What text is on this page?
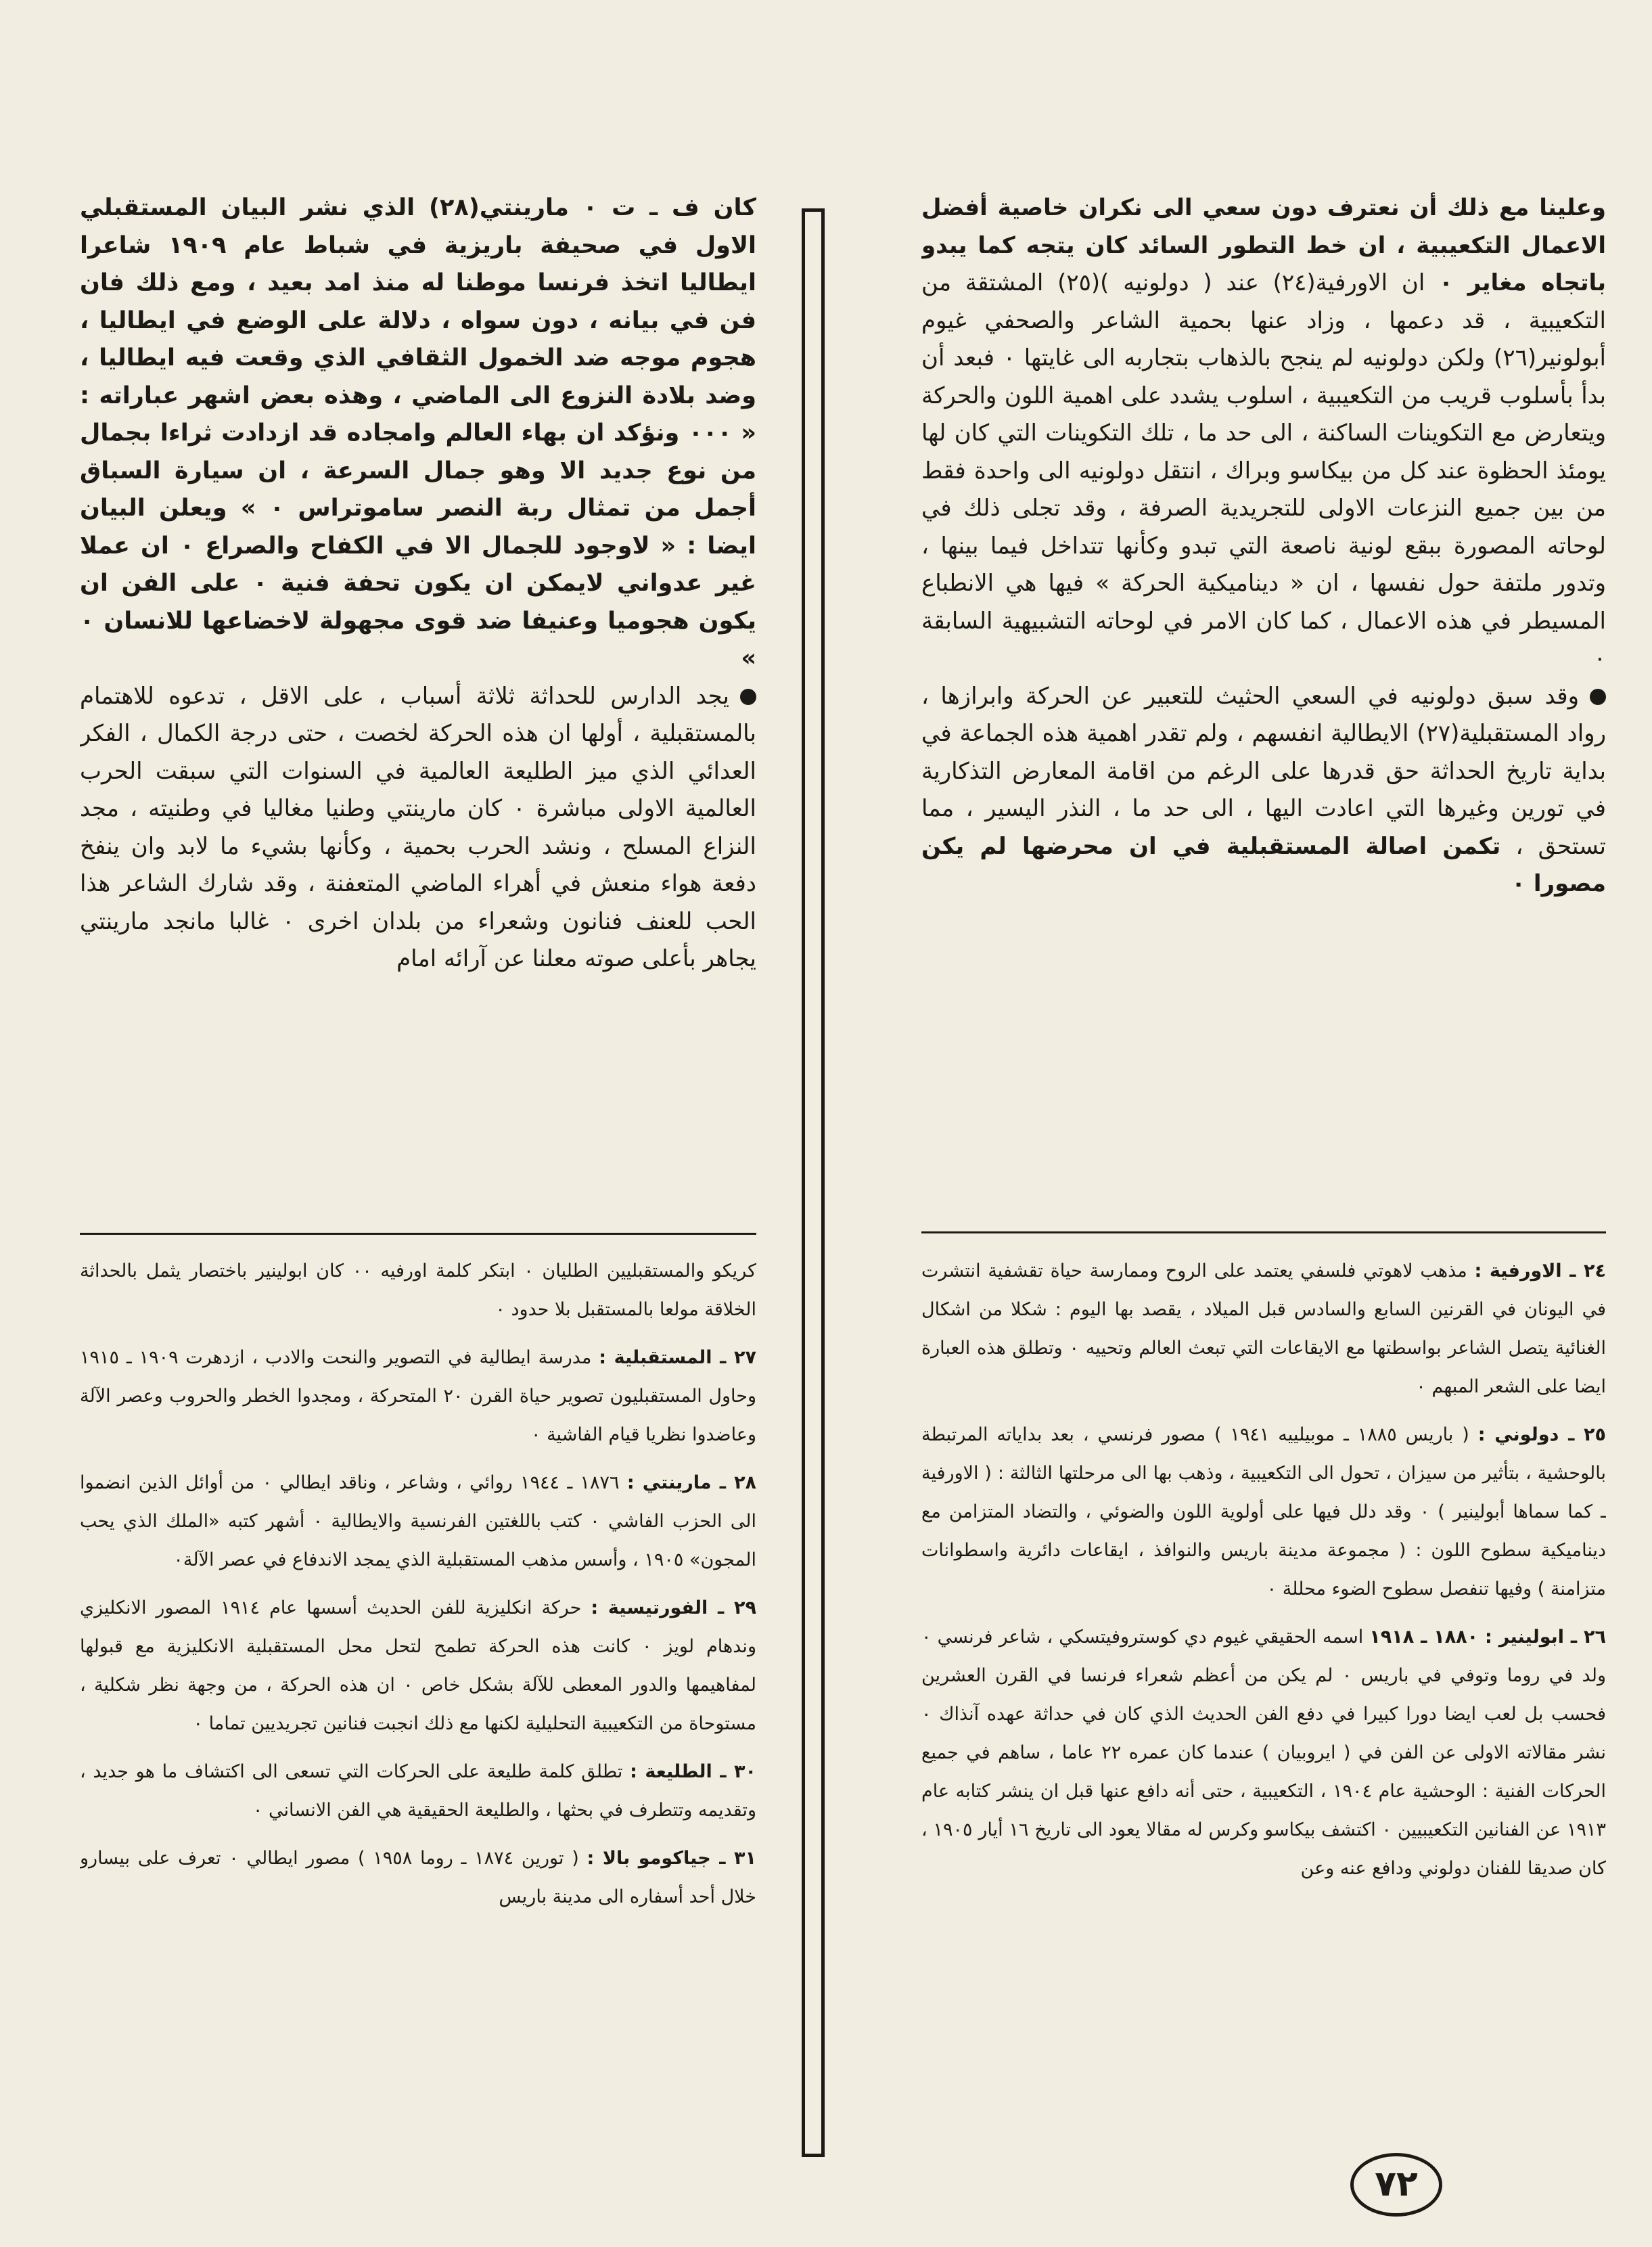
وعلينا مع ذلك أن نعترف دون سعي الى نكران خاصية أفضل الاعمال التكعيبية ، ان خط التطور السائد كان يتجه كما يبدو باتجاه مغاير ٠ ان الاورفية(٢٤) عند ( دولونيه )(٢٥) المشتقة من التكعيبية ، قد دعمها ، وزاد عنها بحمية الشاعر والصحفي غيوم أبولونير(٢٦) ولكن دولونيه لم ينجح بالذهاب بتجاربه الى غايتها ٠ فبعد أن بدأ بأسلوب قريب من التكعيبية ، اسلوب يشدد على اهمية اللون والحركة ويتعارض مع التكوينات الساكنة ، الى حد ما ، تلك التكوينات التي كان لها يومئذ الحظوة عند كل من بيكاسو وبراك ، انتقل دولونيه الى واحدة فقط من بين جميع النزعات الاولى للتجريدية الصرفة ، وقد تجلى ذلك في لوحاته المصورة ببقع لونية ناصعة التي تبدو وكأنها تتداخل فيما بينها ، وتدور ملتفة حول نفسها ، ان « ديناميكية الحركة » فيها هي الانطباع المسيطر في هذه الاعمال ، كما كان الامر في لوحاته التشبيهية السابقة ٠

وقد سبق دولونيه في السعي الحثيث للتعبير عن الحركة وابرازها ، رواد المستقبلية(٢٧) الايطالية انفسهم ، ولم تقدر اهمية هذه الجماعة في بداية تاريخ الحداثة حق قدرها على الرغم من اقامة المعارض التذكارية في تورين وغيرها التي اعادت اليها ، الى حد ما ، النذر اليسير ، مما تستحق ، تكمن اصالة المستقبلية في ان محرضها لم يكن مصورا ٠

٢٤ ـ الاورفية : مذهب لاهوتي فلسفي يعتمد على الروح وممارسة حياة تقشفية انتشرت في اليونان في القرنين السابع والسادس قبل الميلاد ، يقصد بها اليوم : شكلا من اشكال الغنائية يتصل الشاعر بواسطتها مع الايقاعات التي تبعث العالم وتحييه ٠ وتطلق هذه العبارة ايضا على الشعر المبهم ٠

٢٥ ـ دولوني : ( باريس ١٨٨٥ ـ موبيلييه ١٩٤١ ) مصور فرنسي ، بعد بداياته المرتبطة بالوحشية ، بتأثير من سيزان ، تحول الى التكعيبية ، وذهب بها الى مرحلتها الثالثة : ( الاورفية ـ كما سماها أبولينير ) ٠ وقد دلل فيها على أولوية اللون والضوئي ، والتضاد المتزامن مع ديناميكية سطوح اللون : ( مجموعة مدينة باريس والنوافذ ، ايقاعات دائرية واسطوانات متزامنة ) وفيها تنفصل سطوح الضوء محللة ٠

٢٦ ـ ابولينير : ١٨٨٠ ـ ١٩١٨ اسمه الحقيقي غيوم دي كوستروفيتسكي ، شاعر فرنسي ٠ ولد في روما وتوفي في باريس ٠ لم يكن من أعظم شعراء فرنسا في القرن العشرين فحسب بل لعب ايضا دورا كبيرا في دفع الفن الحديث الذي كان في حداثة عهده آنذاك ٠ نشر مقالاته الاولى عن الفن في ( ايروبيان ) عندما كان عمره ٢٢ عاما ، ساهم في جميع الحركات الفنية : الوحشية عام ١٩٠٤ ، التكعيبية ، حتى أنه دافع عنها قبل ان ينشر كتابه عام ١٩١٣ عن الفنانين التكعيبيين ٠ اكتشف بيكاسو وكرس له مقالا يعود الى تاريخ ١٦ أيار ١٩٠٥ ، كان صديقا للفنان دولوني ودافع عنه وعن

كان ف ـ ت ٠ مارينتي(٢٨) الذي نشر البيان المستقبلي الاول في صحيفة باريزية في شباط عام ١٩٠٩ شاعرا ايطاليا اتخذ فرنسا موطنا له منذ امد بعيد ، ومع ذلك فان فن في بيانه ، دون سواه ، دلالة على الوضع في ايطاليا ، هجوم موجه ضد الخمول الثقافي الذي وقعت فيه ايطاليا ، وضد بلادة النزوع الى الماضي ، وهذه بعض اشهر عباراته : « ٠٠٠ ونؤكد ان بهاء العالم وامجاده قد ازدادت ثراءا بجمال من نوع جديد الا وهو جمال السرعة ، ان سيارة السباق أجمل من تمثال ربة النصر ساموتراس ٠ » ويعلن البيان ايضا : « لاوجود للجمال الا في الكفاح والصراع ٠ ان عملا غير عدواني لايمكن ان يكون تحفة فنية ٠ على الفن ان يكون هجوميا وعنيفا ضد قوى مجهولة لاخضاعها للانسان ٠ »

يجد الدارس للحداثة ثلاثة أسباب ، على الاقل ، تدعوه للاهتمام بالمستقبلية ، أولها ان هذه الحركة لخصت ، حتى درجة الكمال ، الفكر العدائي الذي ميز الطليعة العالمية في السنوات التي سبقت الحرب العالمية الاولى مباشرة ٠ كان مارينتي وطنيا مغاليا في وطنيته ، مجد النزاع المسلح ، ونشد الحرب بحمية ، وكأنها بشيء ما لابد وان ينفخ دفعة هواء منعش في أهراء الماضي المتعفنة ، وقد شارك الشاعر هذا الحب للعنف فنانون وشعراء من بلدان اخرى ٠ غالبا مانجد مارينتي يجاهر بأعلى صوته معلنا عن آرائه امام

كريكو والمستقبليين الطليان ٠ ابتكر كلمة اورفيه ٠٠ كان ابولينير باختصار يثمل بالحداثة الخلاقة مولعا بالمستقبل بلا حدود ٠

٢٧ ـ المستقبلية : مدرسة ايطالية في التصوير والنحت والادب ، ازدهرت ١٩٠٩ ـ ١٩١٥ وحاول المستقبليون تصوير حياة القرن ٢٠ المتحركة ، ومجدوا الخطر والحروب وعصر الآلة وعاضدوا نظريا قيام الفاشية ٠

٢٨ ـ مارينتي : ١٨٧٦ ـ ١٩٤٤ روائي ، وشاعر ، وناقد ايطالي ٠ من أوائل الذين انضموا الى الحزب الفاشي ٠ كتب باللغتين الفرنسية والايطالية ٠ أشهر كتبه «الملك الذي يحب المجون» ١٩٠٥ ، وأسس مذهب المستقبلية الذي يمجد الاندفاع في عصر الآلة٠

٢٩ ـ الفورتيسية : حركة انكليزية للفن الحديث أسسها عام ١٩١٤ المصور الانكليزي وندهام لويز ٠ كانت هذه الحركة تطمح لتحل محل المستقبلية الانكليزية مع قبولها لمفاهيمها والدور المعطى للآلة بشكل خاص ٠ ان هذه الحركة ، من وجهة نظر شكلية ، مستوحاة من التكعيبية التحليلية لكنها مع ذلك انجبت فنانين تجريديين تماما ٠

٣٠ ـ الطليعة : تطلق كلمة طليعة على الحركات التي تسعى الى اكتشاف ما هو جديد ، وتقديمه وتتطرف في بحثها ، والطليعة الحقيقية هي الفن الانساني ٠

٣١ ـ جياكومو بالا : ( تورين ١٨٧٤ ـ روما ١٩٥٨ ) مصور ايطالي ٠ تعرف على بيسارو خلال أحد أسفاره الى مدينة باريس

٧٢
